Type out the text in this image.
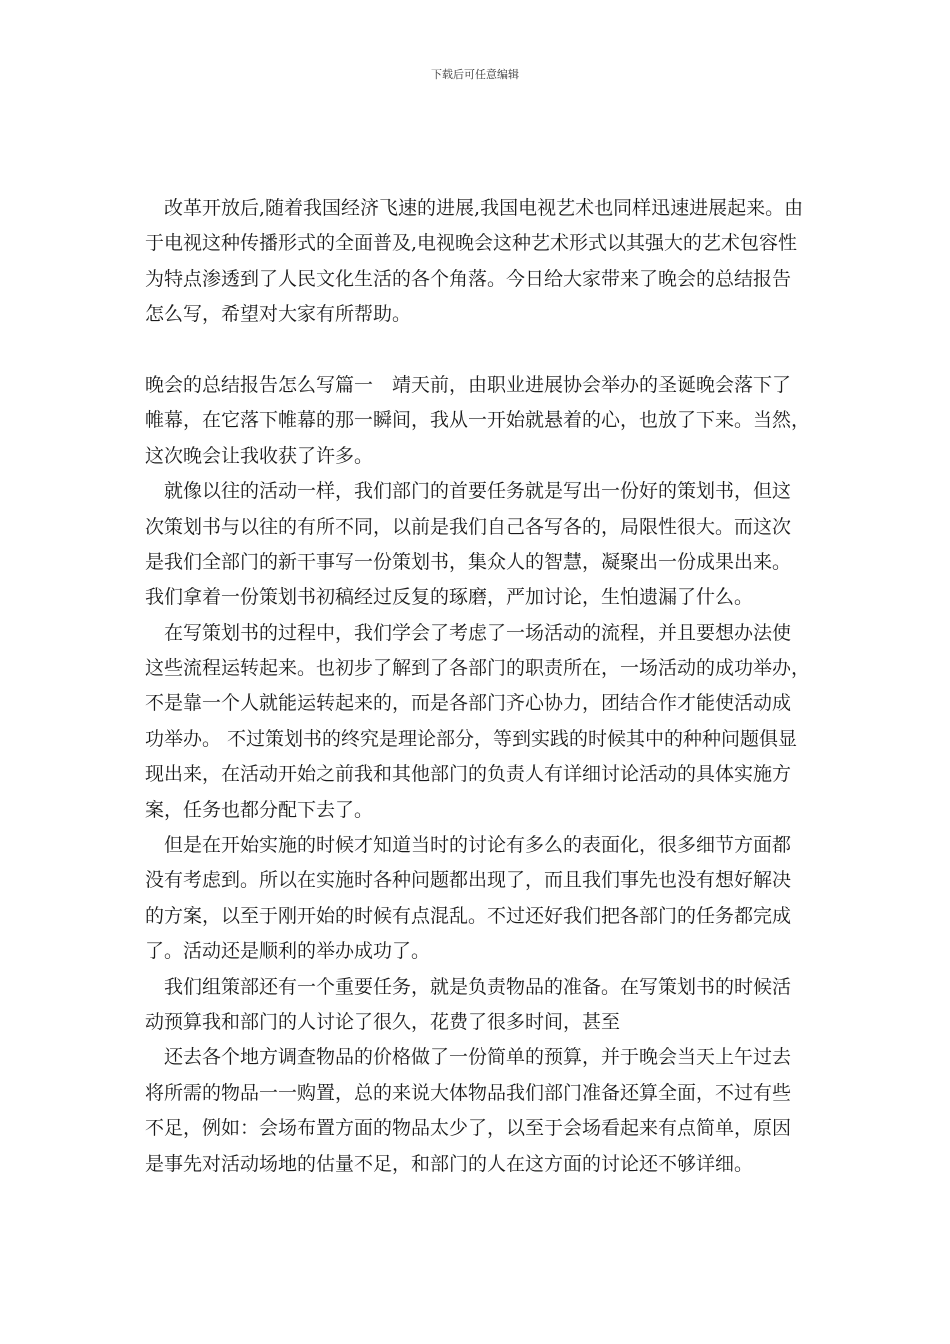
下载后可任意编辑
改革开放后,随着我国经济飞速的进展,我国电视艺术也同样迅速进展起来。由
于电视这种传播形式的全面普及,电视晚会这种艺术形式以其强大的艺术包容性
为特点渗透到了人民文化生活的各个角落。今日给大家带来了晚会的总结报告
怎么写，希望对大家有所帮助。
晚会的总结报告怎么写篇一　靖天前，由职业进展协会举办的圣诞晚会落下了
帷幕，在它落下帷幕的那一瞬间，我从一开始就悬着的心，也放了下来。当然，
这次晚会让我收获了许多。
就像以往的活动一样，我们部门的首要任务就是写出一份好的策划书，但这
次策划书与以往的有所不同，以前是我们自己各写各的，局限性很大。而这次
是我们全部门的新干事写一份策划书，集众人的智慧，凝聚出一份成果出来。
我们拿着一份策划书初稿经过反复的琢磨，严加讨论，生怕遗漏了什么。
在写策划书的过程中，我们学会了考虑了一场活动的流程，并且要想办法使
这些流程运转起来。也初步了解到了各部门的职责所在，一场活动的成功举办，
不是靠一个人就能运转起来的，而是各部门齐心协力，团结合作才能使活动成
功举办。 不过策划书的终究是理论部分，等到实践的时候其中的种种问题俱显
现出来，在活动开始之前我和其他部门的负责人有详细讨论活动的具体实施方
案，任务也都分配下去了。
但是在开始实施的时候才知道当时的讨论有多么的表面化，很多细节方面都
没有考虑到。所以在实施时各种问题都出现了，而且我们事先也没有想好解决
的方案，以至于刚开始的时候有点混乱。不过还好我们把各部门的任务都完成
了。活动还是顺利的举办成功了。
我们组策部还有一个重要任务，就是负责物品的准备。在写策划书的时候活
动预算我和部门的人讨论了很久，花费了很多时间，甚至
还去各个地方调查物品的价格做了一份简单的预算，并于晚会当天上午过去
将所需的物品一一购置，总的来说大体物品我们部门准备还算全面，不过有些
不足，例如：会场布置方面的物品太少了，以至于会场看起来有点简单，原因
是事先对活动场地的估量不足，和部门的人在这方面的讨论还不够详细。
